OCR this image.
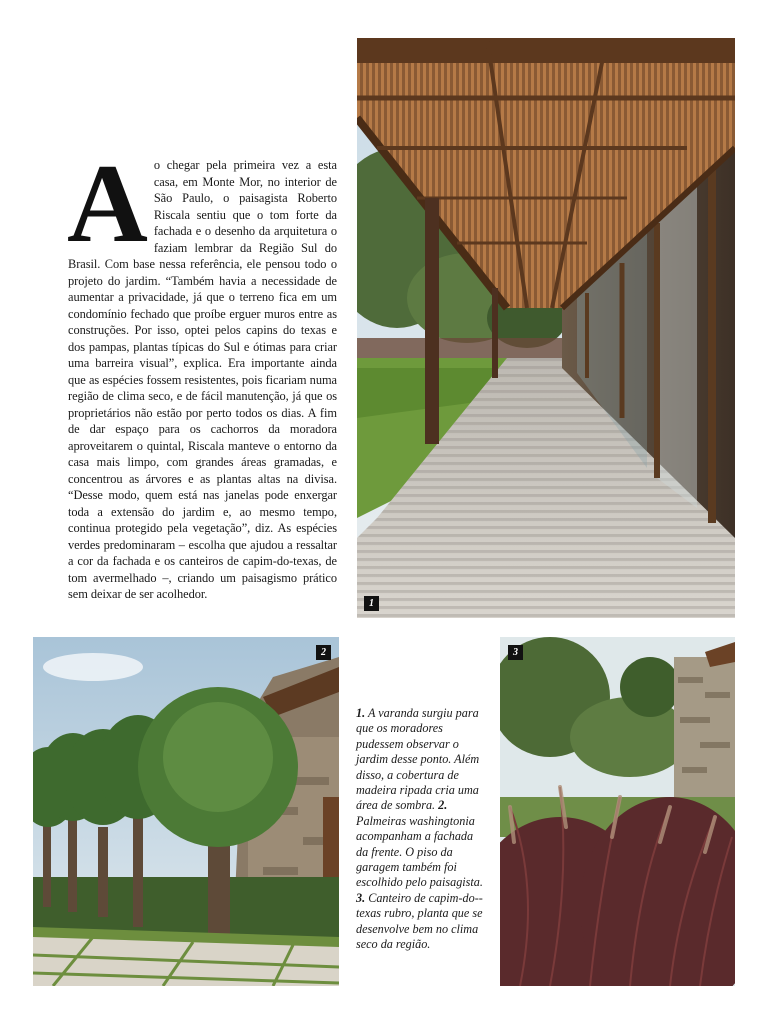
A o chegar pela primeira vez a esta casa, em Monte Mor, no interior de São Paulo, o paisagista Roberto Riscala sentiu que o tom forte da fachada e o desenho da arquitetura o faziam lembrar da Região Sul do Brasil. Com base nessa referência, ele pensou todo o projeto do jardim. “Também havia a necessidade de aumentar a privacidade, já que o terreno fica em um condomínio fechado que proíbe erguer muros entre as construções. Por isso, optei pelos capins do texas e dos pampas, plantas típicas do Sul e ótimas para criar uma barreira visual”, explica. Era importante ainda que as espécies fossem resistentes, pois ficariam numa região de clima seco, e de fácil manutenção, já que os proprietários não estão por perto todos os dias. A fim de dar espaço para os cachorros da moradora aproveitarem o quintal, Riscala manteve o entorno da casa mais limpo, com grandes áreas gramadas, e concentrou as árvores e as plantas altas na divisa. “Desse modo, quem está nas janelas pode enxergar toda a extensão do jardim e, ao mesmo tempo, continua protegido pela vegetação”, diz. As espécies verdes predominaram – escolha que ajudou a ressaltar a cor da fachada e os canteiros de capim-do-texas, de tom avermelhado –, criando um paisagismo prático sem deixar de ser acolhedor.
1
2	3
1. A varanda surgiu para que os moradores pudessem observar o jardim desse ponto. Além disso, a cobertura de madeira ripada cria uma área de sombra. 2. Palmeiras washingtonia acompanham a fachada da frente. O piso da garagem também foi escolhido pelo paisagista. 3. Canteiro de capim-do--texas rubro, planta que se desenvolve bem no clima seco da região.
